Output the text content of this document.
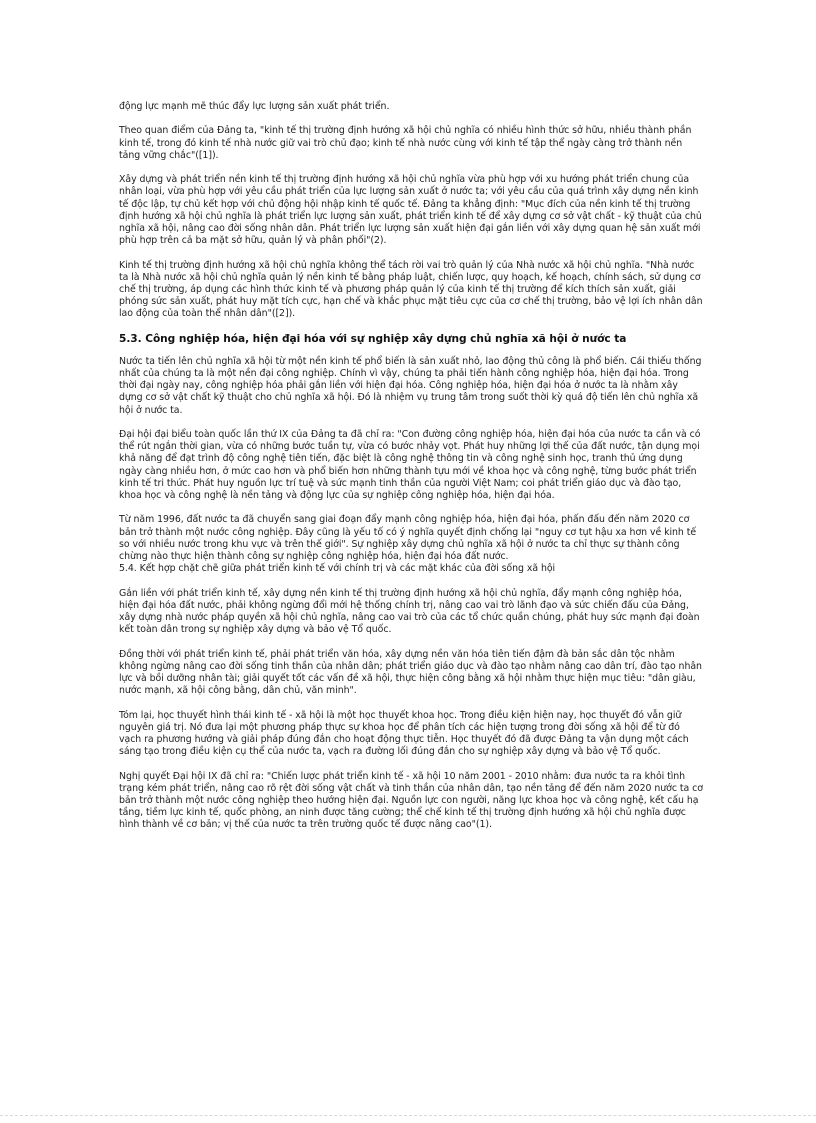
động lực mạnh mẽ thúc đẩy lực lượng sản xuất phát triển.

Theo quan điểm của Đảng ta, "kinh tế thị trường định hướng xã hội chủ nghĩa có nhiều hình thức sở hữu, nhiều thành phần kinh tế, trong đó kinh tế nhà nước giữ vai trò chủ đạo; kinh tế nhà nước cùng với kinh tế tập thể ngày càng trở thành nền tảng vững chắc"([1]).

Xây dựng và phát triển nền kinh tế thị trường định hướng xã hội chủ nghĩa vừa phù hợp với xu hướng phát triển chung của nhân loại, vừa phù hợp với yêu cầu phát triển của lực lượng sản xuất ở nước ta; với yêu cầu của quá trình xây dựng nền kinh tế độc lập, tự chủ kết hợp với chủ động hội nhập kinh tế quốc tế. Đảng ta khẳng định: "Mục đích của nền kinh tế thị trường định hướng xã hội chủ nghĩa là phát triển lực lượng sản xuất, phát triển kinh tế để xây dựng cơ sở vật chất - kỹ thuật của chủ nghĩa xã hội, nâng cao đời sống nhân dân. Phát triển lực lượng sản xuất hiện đại gắn liền với xây dựng quan hệ sản xuất mới phù hợp trên cả ba mặt sở hữu, quản lý và phân phối"(2).

Kinh tế thị trường định hướng xã hội chủ nghĩa không thể tách rời vai trò quản lý của Nhà nước xã hội chủ nghĩa. "Nhà nước ta là Nhà nước xã hội chủ nghĩa quản lý nền kinh tế bằng pháp luật, chiến lược, quy hoạch, kế hoạch, chính sách, sử dụng cơ chế thị trường, áp dụng các hình thức kinh tế và phương pháp quản lý của kinh tế thị trường để kích thích sản xuất, giải phóng sức sản xuất, phát huy mặt tích cực, hạn chế và khắc phục mặt tiêu cực của cơ chế thị trường, bảo vệ lợi ích nhân dân lao động của toàn thể nhân dân"([2]).

5.3. Công nghiệp hóa, hiện đại hóa với sự nghiệp xây dựng chủ nghĩa xã hội ở nước ta

Nước ta tiến lên chủ nghĩa xã hội từ một nền kinh tế phổ biến là sản xuất nhỏ, lao động thủ công là phổ biến. Cái thiếu thống nhất của chúng ta là một nền đại công nghiệp. Chính vì vậy, chúng ta phải tiến hành công nghiệp hóa, hiện đại hóa. Trong thời đại ngày nay, công nghiệp hóa phải gắn liền với hiện đại hóa. Công nghiệp hóa, hiện đại hóa ở nước ta là nhằm xây dựng cơ sở vật chất kỹ thuật cho chủ nghĩa xã hội. Đó là nhiệm vụ trung tâm trong suốt thời kỳ quá độ tiến lên chủ nghĩa xã hội ở nước ta.

Đại hội đại biểu toàn quốc lần thứ IX của Đảng ta đã chỉ ra: "Con đường công nghiệp hóa, hiện đại hóa của nước ta cần và có thể rút ngắn thời gian, vừa có những bước tuần tự, vừa có bước nhảy vọt. Phát huy những lợi thế của đất nước, tận dụng mọi khả năng để đạt trình độ công nghệ tiên tiến, đặc biệt là công nghệ thông tin và công nghệ sinh học, tranh thủ ứng dụng ngày càng nhiều hơn, ở mức cao hơn và phổ biến hơn những thành tựu mới về khoa học và công nghệ, từng bước phát triển kinh tế tri thức. Phát huy nguồn lực trí tuệ và sức mạnh tinh thần của người Việt Nam; coi phát triển giáo dục và đào tạo, khoa học và công nghệ là nền tảng và động lực của sự nghiệp công nghiệp hóa, hiện đại hóa.

Từ năm 1996, đất nước ta đã chuyển sang giai đoạn đẩy mạnh công nghiệp hóa, hiện đại hóa, phấn đấu đến năm 2020 cơ bản trở thành một nước công nghiệp. Đây cũng là yếu tố có ý nghĩa quyết định chống lại "nguy cơ tụt hậu xa hơn về kinh tế so với nhiều nước trong khu vực và trên thế giới". Sự nghiệp xây dựng chủ nghĩa xã hội ở nước ta chỉ thực sự thành công chừng nào thực hiện thành công sự nghiệp công nghiệp hóa, hiện đại hóa đất nước.

5.4. Kết hợp chặt chẽ giữa phát triển kinh tế với chính trị và các mặt khác của đời sống xã hội

Gắn liền với phát triển kinh tế, xây dựng nền kinh tế thị trường định hướng xã hội chủ nghĩa, đẩy mạnh công nghiệp hóa, hiện đại hóa đất nước, phải không ngừng đổi mới hệ thống chính trị, nâng cao vai trò lãnh đạo và sức chiến đấu của Đảng, xây dựng nhà nước pháp quyền xã hội chủ nghĩa, nâng cao vai trò của các tổ chức quần chúng, phát huy sức mạnh đại đoàn kết toàn dân trong sự nghiệp xây dựng và bảo vệ Tổ quốc.

Đồng thời với phát triển kinh tế, phải phát triển văn hóa, xây dựng nền văn hóa tiên tiến đậm đà bản sắc dân tộc nhằm không ngừng nâng cao đời sống tinh thần của nhân dân; phát triển giáo dục và đào tạo nhằm nâng cao dân trí, đào tạo nhân lực và bồi dưỡng nhân tài; giải quyết tốt các vấn đề xã hội, thực hiện công bằng xã hội nhằm thực hiện mục tiêu: "dân giàu, nước mạnh, xã hội công bằng, dân chủ, văn minh".

Tóm lại, học thuyết hình thái kinh tế - xã hội là một học thuyết khoa học. Trong điều kiện hiện nay, học thuyết đó vẫn giữ nguyên giá trị. Nó đưa lại một phương pháp thực sự khoa học để phân tích các hiện tượng trong đời sống xã hội để từ đó vạch ra phương hướng và giải pháp đúng đắn cho hoạt động thực tiễn. Học thuyết đó đã được Đảng ta vận dụng một cách sáng tạo trong điều kiện cụ thể của nước ta, vạch ra đường lối đúng đắn cho sự nghiệp xây dựng và bảo vệ Tổ quốc.

Nghị quyết Đại hội IX đã chỉ ra: "Chiến lược phát triển kinh tế - xã hội 10 năm 2001 - 2010 nhằm: đưa nước ta ra khỏi tình trạng kém phát triển, nâng cao rõ rệt đời sống vật chất và tinh thần của nhân dân, tạo nền tảng để đến năm 2020 nước ta cơ bản trở thành một nước công nghiệp theo hướng hiện đại. Nguồn lực con người, năng lực khoa học và công nghệ, kết cấu hạ tầng, tiềm lực kinh tế, quốc phòng, an ninh được tăng cường; thể chế kinh tế thị trường định hướng xã hội chủ nghĩa được hình thành về cơ bản; vị thế của nước ta trên trường quốc tế được nâng cao"(1).
